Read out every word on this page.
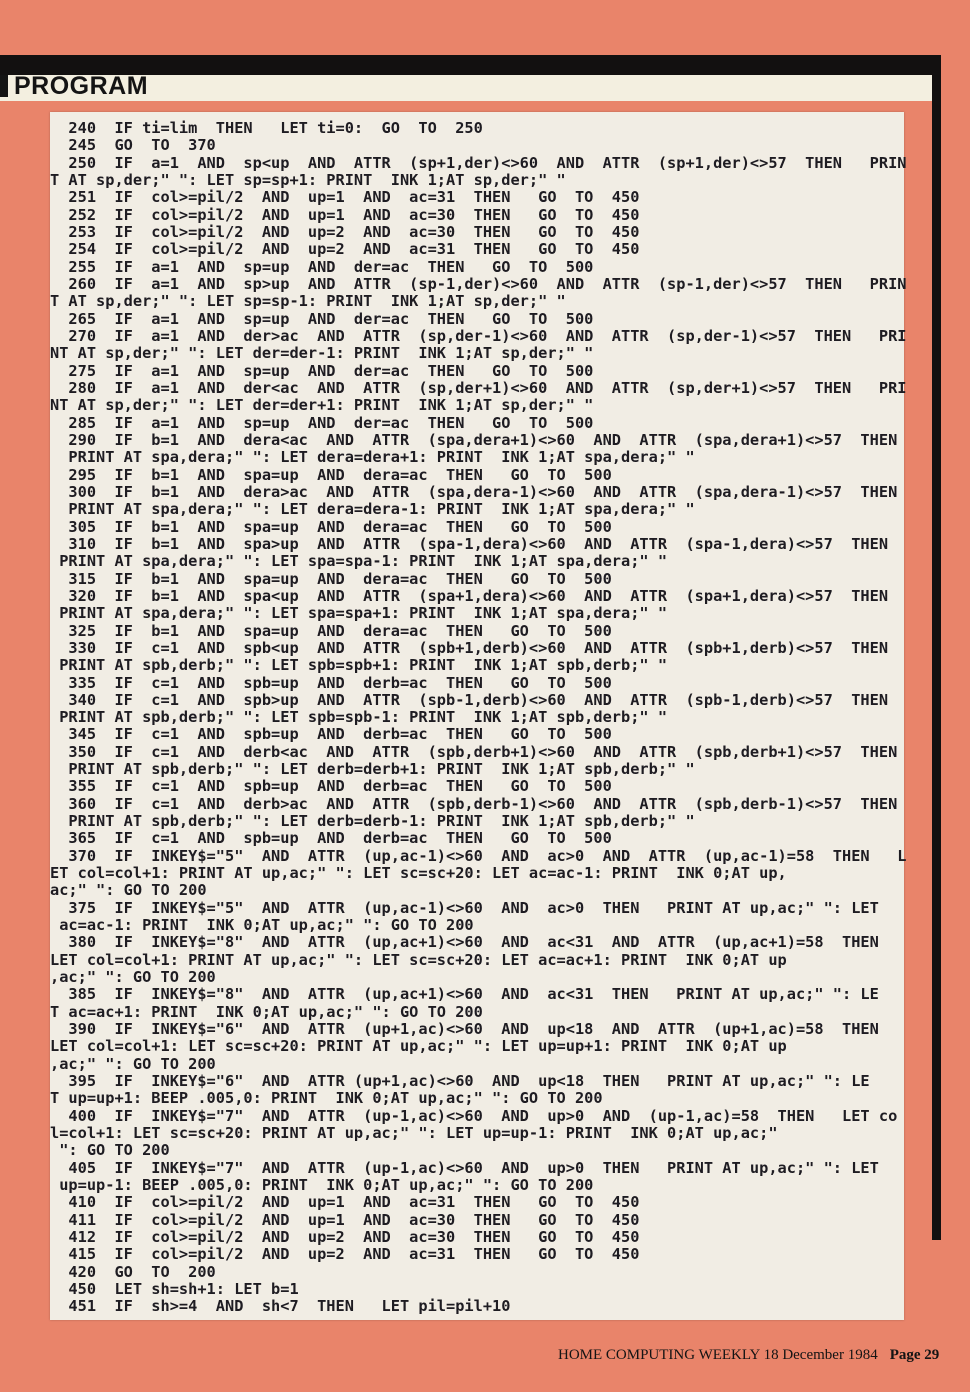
PROGRAM
240  IF ti=lim  THEN   LET ti=0:  GO  TO  250
245  GO  TO  370
250  IF  a=1  AND  sp<up  AND  ATTR  (sp+1,der)<>60  AND  ATTR  (sp+1,der)<>57  THEN   PRIN
T AT sp,der;" ": LET sp=sp+1: PRINT  INK 1;AT sp,der;" "
251  IF  col>=pil/2  AND  up=1  AND  ac=31  THEN   GO  TO  450
252  IF  col>=pil/2  AND  up=1  AND  ac=30  THEN   GO  TO  450
253  IF  col>=pil/2  AND  up=2  AND  ac=30  THEN   GO  TO  450
254  IF  col>=pil/2  AND  up=2  AND  ac=31  THEN   GO  TO  450
255  IF  a=1  AND  sp=up  AND  der=ac  THEN   GO  TO  500
260  IF  a=1  AND  sp>up  AND  ATTR  (sp-1,der)<>60  AND  ATTR  (sp-1,der)<>57  THEN   PRIN
T AT sp,der;" ": LET sp=sp-1: PRINT  INK 1;AT sp,der;" "
265  IF  a=1  AND  sp=up  AND  der=ac  THEN   GO  TO  500
270  IF  a=1  AND  der>ac  AND  ATTR  (sp,der-1)<>60  AND  ATTR  (sp,der-1)<>57  THEN   PRI
NT AT sp,der;" ": LET der=der-1: PRINT  INK 1;AT sp,der;" "
275  IF  a=1  AND  sp=up  AND  der=ac  THEN   GO  TO  500
280  IF  a=1  AND  der<ac  AND  ATTR  (sp,der+1)<>60  AND  ATTR  (sp,der+1)<>57  THEN   PRI
NT AT sp,der;" ": LET der=der+1: PRINT  INK 1;AT sp,der;" "
285  IF  a=1  AND  sp=up  AND  der=ac  THEN   GO  TO  500
290  IF  b=1  AND  dera<ac  AND  ATTR  (spa,dera+1)<>60  AND  ATTR  (spa,dera+1)<>57  THEN
PRINT AT spa,dera;" ": LET dera=dera+1: PRINT  INK 1;AT spa,dera;" "
295  IF  b=1  AND  spa=up  AND  dera=ac  THEN   GO  TO  500
300  IF  b=1  AND  dera>ac  AND  ATTR  (spa,dera-1)<>60  AND  ATTR  (spa,dera-1)<>57  THEN
PRINT AT spa,dera;" ": LET dera=dera-1: PRINT  INK 1;AT spa,dera;" "
305  IF  b=1  AND  spa=up  AND  dera=ac  THEN   GO  TO  500
310  IF  b=1  AND  spa>up  AND  ATTR  (spa-1,dera)<>60  AND  ATTR  (spa-1,dera)<>57  THEN
PRINT AT spa,dera;" ": LET spa=spa-1: PRINT  INK 1;AT spa,dera;" "
315  IF  b=1  AND  spa=up  AND  dera=ac  THEN   GO  TO  500
320  IF  b=1  AND  spa<up  AND  ATTR  (spa+1,dera)<>60  AND  ATTR  (spa+1,dera)<>57  THEN
PRINT AT spa,dera;" ": LET spa=spa+1: PRINT  INK 1;AT spa,dera;" "
325  IF  b=1  AND  spa=up  AND  dera=ac  THEN   GO  TO  500
330  IF  c=1  AND  spb<up  AND  ATTR  (spb+1,derb)<>60  AND  ATTR  (spb+1,derb)<>57  THEN
PRINT AT spb,derb;" ": LET spb=spb+1: PRINT  INK 1;AT spb,derb;" "
335  IF  c=1  AND  spb=up  AND  derb=ac  THEN   GO  TO  500
340  IF  c=1  AND  spb>up  AND  ATTR  (spb-1,derb)<>60  AND  ATTR  (spb-1,derb)<>57  THEN
PRINT AT spb,derb;" ": LET spb=spb-1: PRINT  INK 1;AT spb,derb;" "
345  IF  c=1  AND  spb=up  AND  derb=ac  THEN   GO  TO  500
350  IF  c=1  AND  derb<ac  AND  ATTR  (spb,derb+1)<>60  AND  ATTR  (spb,derb+1)<>57  THEN
PRINT AT spb,derb;" ": LET derb=derb+1: PRINT  INK 1;AT spb,derb;" "
355  IF  c=1  AND  spb=up  AND  derb=ac  THEN   GO  TO  500
360  IF  c=1  AND  derb>ac  AND  ATTR  (spb,derb-1)<>60  AND  ATTR  (spb,derb-1)<>57  THEN
PRINT AT spb,derb;" ": LET derb=derb-1: PRINT  INK 1;AT spb,derb;" "
365  IF  c=1  AND  spb=up  AND  derb=ac  THEN   GO  TO  500
370  IF  INKEY$="5"  AND  ATTR  (up,ac-1)<>60  AND  ac>0  AND  ATTR  (up,ac-1)=58  THEN   L
ET col=col+1: PRINT AT up,ac;" ": LET sc=sc+20: LET ac=ac-1: PRINT  INK 0;AT up,
ac;" ": GO TO 200
375  IF  INKEY$="5"  AND  ATTR  (up,ac-1)<>60  AND  ac>0  THEN   PRINT AT up,ac;" ": LET
ac=ac-1: PRINT  INK 0;AT up,ac;" ": GO TO 200
380  IF  INKEY$="8"  AND  ATTR  (up,ac+1)<>60  AND  ac<31  AND  ATTR  (up,ac+1)=58  THEN
LET col=col+1: PRINT AT up,ac;" ": LET sc=sc+20: LET ac=ac+1: PRINT  INK 0;AT up
,ac;" ": GO TO 200
385  IF  INKEY$="8"  AND  ATTR  (up,ac+1)<>60  AND  ac<31  THEN   PRINT AT up,ac;" ": LE
T ac=ac+1: PRINT  INK 0;AT up,ac;" ": GO TO 200
390  IF  INKEY$="6"  AND  ATTR  (up+1,ac)<>60  AND  up<18  AND  ATTR  (up+1,ac)=58  THEN
LET col=col+1: LET sc=sc+20: PRINT AT up,ac;" ": LET up=up+1: PRINT  INK 0;AT up
,ac;" ": GO TO 200
395  IF  INKEY$="6"  AND  ATTR (up+1,ac)<>60  AND  up<18  THEN   PRINT AT up,ac;" ": LE
T up=up+1: BEEP .005,0: PRINT  INK 0;AT up,ac;" ": GO TO 200
400  IF  INKEY$="7"  AND  ATTR  (up-1,ac)<>60  AND  up>0  AND  (up-1,ac)=58  THEN   LET co
l=col+1: LET sc=sc+20: PRINT AT up,ac;" ": LET up=up-1: PRINT  INK 0;AT up,ac;"
": GO TO 200
405  IF  INKEY$="7"  AND  ATTR  (up-1,ac)<>60  AND  up>0  THEN   PRINT AT up,ac;" ": LET
up=up-1: BEEP .005,0: PRINT  INK 0;AT up,ac;" ": GO TO 200
410  IF  col>=pil/2  AND  up=1  AND  ac=31  THEN   GO  TO  450
411  IF  col>=pil/2  AND  up=1  AND  ac=30  THEN   GO  TO  450
412  IF  col>=pil/2  AND  up=2  AND  ac=30  THEN   GO  TO  450
415  IF  col>=pil/2  AND  up=2  AND  ac=31  THEN   GO  TO  450
420  GO  TO  200
450  LET sh=sh+1: LET b=1
451  IF  sh>=4  AND  sh<7  THEN   LET pil=pil+10
HOME COMPUTING WEEKLY 18 December 1984 Page 29
